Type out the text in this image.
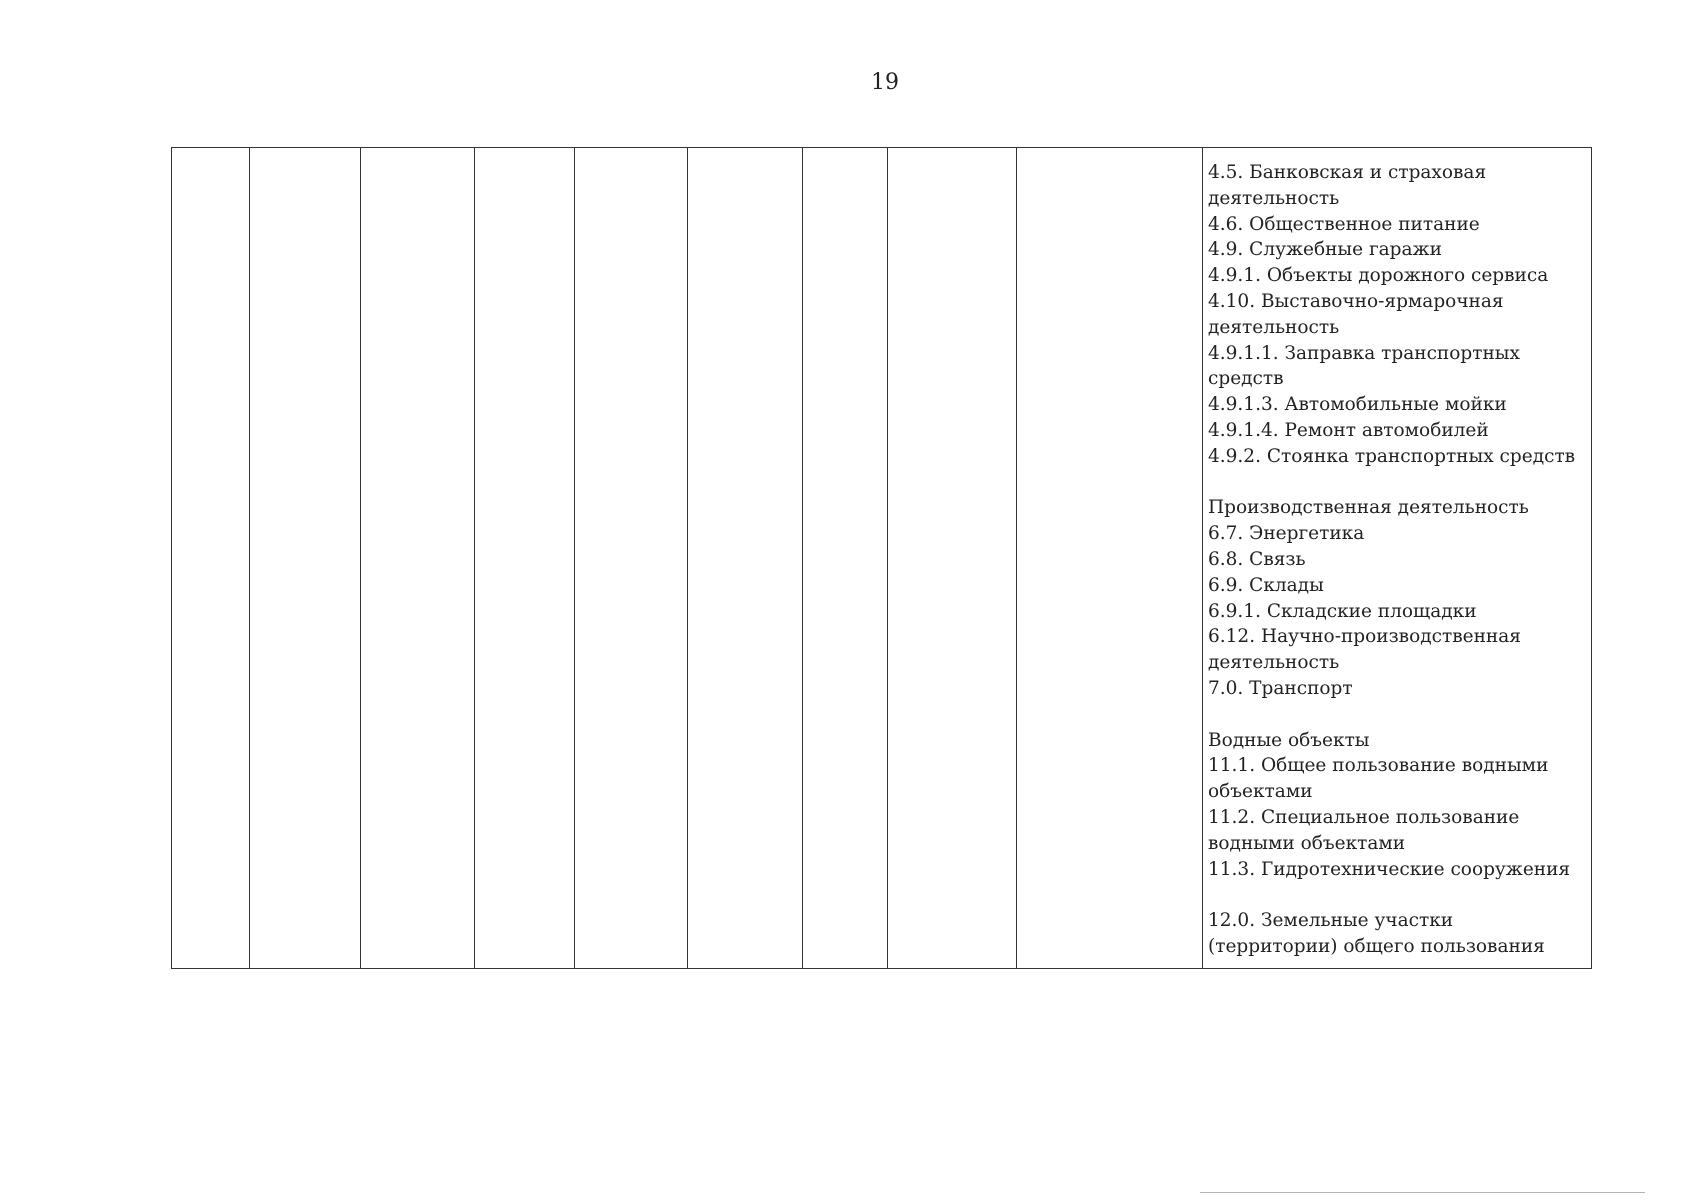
19

4.5. Банковская и страховая деятельность
4.6. Общественное питание
4.9. Служебные гаражи
4.9.1. Объекты дорожного сервиса
4.10. Выставочно-ярмарочная деятельность
4.9.1.1. Заправка транспортных средств
4.9.1.3. Автомобильные мойки
4.9.1.4. Ремонт автомобилей
4.9.2. Стоянка транспортных средств
Производственная деятельность
6.7. Энергетика
6.8. Связь
6.9. Склады
6.9.1. Складские площадки
6.12. Научно-производственная деятельность
7.0. Транспорт
Водные объекты
11.1. Общее пользование водными объектами
11.2. Специальное пользование водными объектами
11.3. Гидротехнические сооружения
12.0. Земельные участки (территории) общего пользования
